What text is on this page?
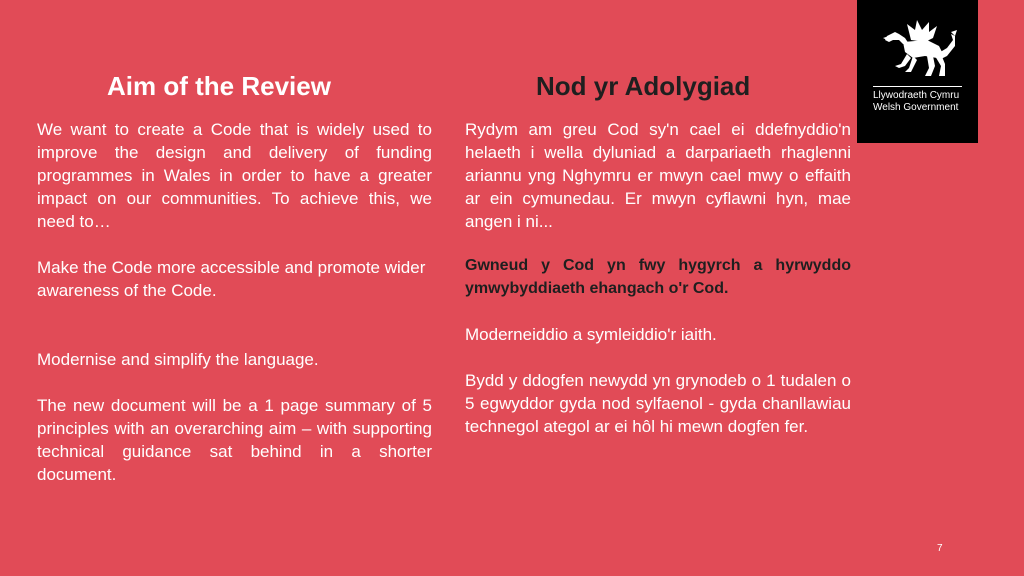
Aim of the Review	Nod yr Adolygiad

We want to create a Code that is widely used to improve the design and delivery of funding programmes in Wales in order to have a greater impact on our communities. To achieve this, we need to…

Make the Code more accessible and promote wider awareness of the Code.

Modernise and simplify the language.

The new document will be a 1 page summary of 5 principles with an overarching aim – with supporting technical guidance sat behind in a shorter document.

Rydym am greu Cod sy'n cael ei ddefnyddio'n helaeth i wella dyluniad a darpariaeth rhaglenni ariannu yng Nghymru er mwyn cael mwy o effaith ar ein cymunedau. Er mwyn cyflawni hyn, mae angen i ni...

Gwneud y Cod yn fwy hygyrch a hyrwyddo ymwybyddiaeth ehangach o'r Cod.

Moderneiddio a symleiddio'r iaith.

Bydd y ddogfen newydd yn grynodeb o 1 tudalen o 5 egwyddor gyda nod sylfaenol - gyda chanllawiau technegol ategol ar ei hôl hi mewn dogfen fer.

Llywodraeth Cymru
Welsh Government
7
